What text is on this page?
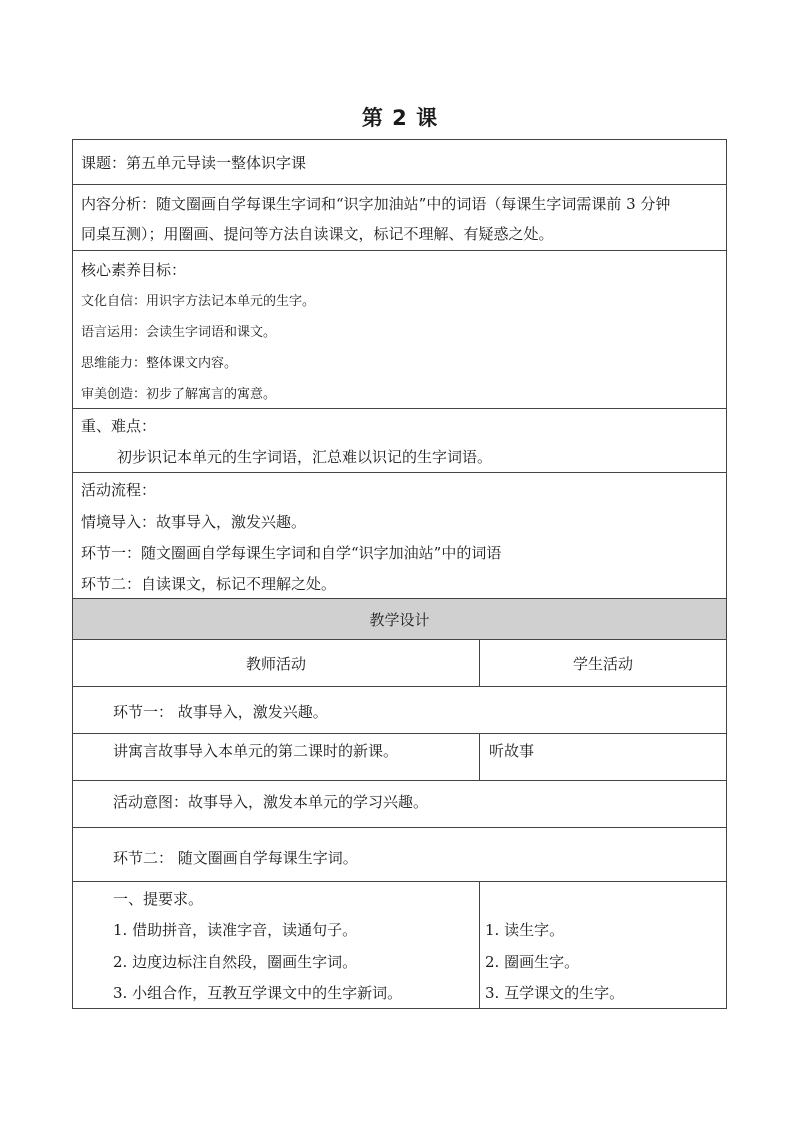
第 2 课
课题：第五单元导读一整体识字课
内容分析：随文圈画自学每课生字词和“识字加油站”中的词语（每课生字词需课前 3 分钟
同桌互测）；用圈画、提问等方法自读课文，标记不理解、有疑惑之处。
核心素养目标：
文化自信：用识字方法记本单元的生字。
语言运用：会读生字词语和课文。
思维能力：整体课文内容。
审美创造：初步了解寓言的寓意。
重、难点：
初步识记本单元的生字词语，汇总难以识记的生字词语。
活动流程：
情境导入：故事导入，激发兴趣。
环节一：随文圈画自学每课生字词和自学“识字加油站”中的词语
环节二：自读课文，标记不理解之处。
教学设计
教师活动	学生活动
环节一： 故事导入，激发兴趣。
讲寓言故事导入本单元的第二课时的新课。	听故事
活动意图：故事导入，激发本单元的学习兴趣。
环节二： 随文圈画自学每课生字词。
一、提要求。
1. 借助拼音，读准字音，读通句子。
2. 边度边标注自然段，圈画生字词。
3. 小组合作，互教互学课文中的生字新词。
1. 读生字。
2. 圈画生字。
3. 互学课文的生字。
